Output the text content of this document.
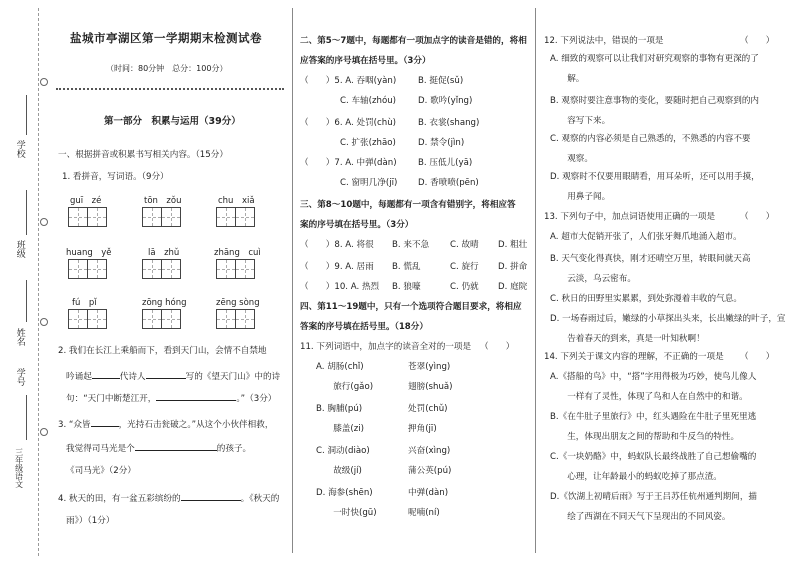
学校
班级
姓名
学号
三年级语文
盐城市亭湖区第一学期期末检测试卷
（时间：80分钟　总分：100分）
第一部分　积累与运用（39分）
一、根据拼音或积累书写相关内容。（15分）
1. 看拼音，写词语。（9分）
guī　zé	tōn　zǒu	chu　xiǎ
huang　yě	lā　zhǔ	zhāng　cuì
fú　pǐ	zōng hóng	zēng sòng
2. 我们在长江上乘船而下，看到天门山，会情不自禁地
吟诵起	代诗人	写的《望天门山》中的诗
句：“天门中断楚江开，	。”（3分）
3. “众皆	，光持石击瓮破之。”从这个小伙伴相救，
我觉得司马光是个	的孩子。
《司马光》（2分）
4. 秋天的田，有一盆五彩缤纷的	。《秋天的
雨》）（1分）
二、第5～7题中，每题都有一项加点字的读音是错的，将相
应答案的序号填在括号里。（3分）
（　　）5. A. 吞咽(yàn)	B. 挺促(sǔ)
C. 车轴(zhóu)	D. 歌吟(yǐng)
（　　）6. A. 处罚(chù)	B. 衣裳(shang)
C. 扩张(zhāo)	D. 禁令(jìn)
（　　）7. A. 中弹(dàn) B. 压低儿(yā)
C. 窗明几净(jī) D. 香喷喷(pēn)
三、第8～10题中，每题都有一项含有错别字，将相应答
案的序号填在括号里。（3分）
（　　）8. A. 将很 B. 来不急 C. 故晴 D. 粗壮
（　　）9. A. 居雨 B. 慌乱	C. 旋行 D. 拼命
（　　）10. A. 热烈 B. 狼嚎	C. 仍就 D. 庭院
四、第11～19题中，只有一个选项符合题目要求，将相应
答案的序号填在括号里。（18分）
11. 下列词语中，加点字的读音全对的一项是 （　　）
A. 胡肠(chǐ)	苍翠(yìng)
　　旅行(gǎo)	翅膀(shuǎ)
B. 胸脯(pú)	处罚(chǔ)
　　膝盖(zi)	押角(jī)
C. 洞动(diào)	兴奋(xìng)
　　故级(jí)	蒲公英(pú)
D. 海参(shēn)	中弹(dàn)
　　一时快(gū)	呢喃(ní)
12. 下列说法中，错误的一项是	（　　）
A. 细致的观察可以让我们对研究观察的事物有更深的了
　　解。
B. 观察时要注意事物的变化，要随时把自己观察到的内
　　容写下来。
C. 观察的内容必须是自己熟悉的，不熟悉的内容不要
　　观察。
D. 观察时不仅要用眼睛看，用耳朵听，还可以用手摸，
　　用鼻子闻。
13. 下列句子中，加点词语使用正确的一项是	（　　）
A. 超市大促销开张了，人们张牙舞爪地涌入超市。
B. 天气变化得真快，刚才还晴空万里，转眼间就天高
　　云淡，乌云密布。
C. 秋日的田野里实累累，到处弥漫着丰收的气息。
D. 一场春雨过后，嫩绿的小草探出头来，长出嫩绿的叶子，宣
　　告着春天的到来，真是一叶知秋啊！
14. 下列关于课文内容的理解，不正确的一项是 （　　）
A.《搭船的鸟》中，“搭”字用得极为巧妙，使鸟儿像人
　　一样有了灵性，体现了鸟和人在自然中的和谐。
B.《在牛肚子里旅行》中，红头遇险在牛肚子里死里逃
　　生，体现出朋友之间的帮助和牛反刍的特性。
C.《一块奶酪》中，蚂蚁队长最终战胜了自己想偷嘴的
　　心理，让年龄最小的蚂蚁吃掉了那点渣。
D.《饮湖上初晴后雨》写于王吕苏任杭州通判期间，描
　　绘了西湖在不同天气下呈现出的不同风姿。
